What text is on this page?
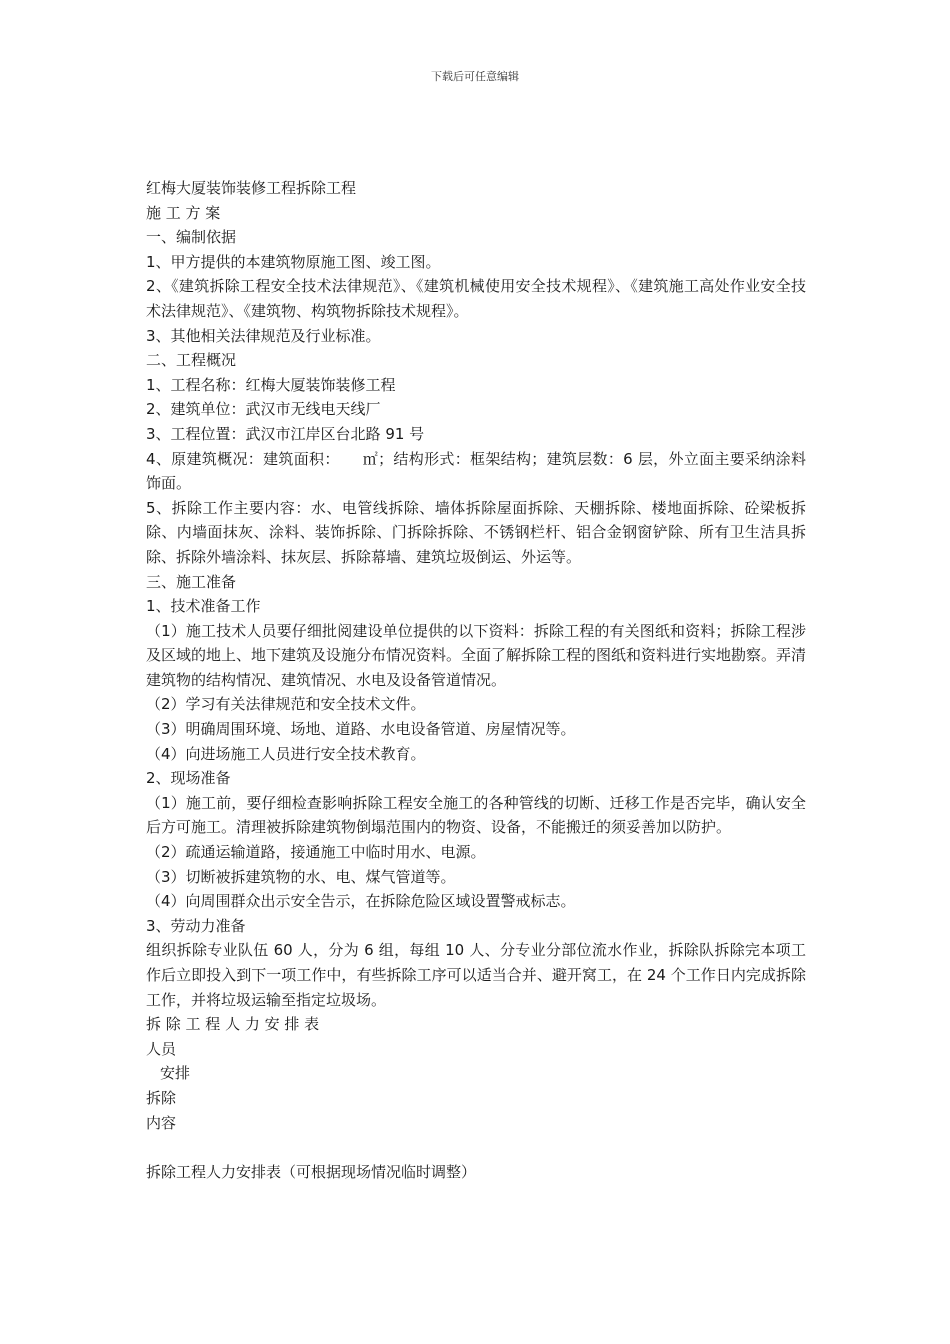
下载后可任意编辑
红梅大厦装饰装修工程拆除工程
施 工 方 案
一、编制依据
1、甲方提供的本建筑物原施工图、竣工图。
2、《建筑拆除工程安全技术法律规范》、《建筑机械使用安全技术规程》、《建筑施工高处作业安全技术法律规范》、《建筑物、构筑物拆除技术规程》。
3、其他相关法律规范及行业标准。
二、工程概况
1、工程名称：红梅大厦装饰装修工程
2、建筑单位：武汉市无线电天线厂
3、工程位置：武汉市江岸区台北路 91 号
4、原建筑概况：建筑面积：　　㎡；结构形式：框架结构；建筑层数：6 层，外立面主要采纳涂料饰面。
5、拆除工作主要内容：水、电管线拆除、墙体拆除屋面拆除、天棚拆除、楼地面拆除、砼梁板拆除、内墙面抹灰、涂料、装饰拆除、门拆除拆除、不锈钢栏杆、铝合金钢窗铲除、所有卫生洁具拆除、拆除外墙涂料、抹灰层、拆除幕墙、建筑垃圾倒运、外运等。
三、施工准备
1、技术准备工作
（1）施工技术人员要仔细批阅建设单位提供的以下资料：拆除工程的有关图纸和资料；拆除工程涉及区域的地上、地下建筑及设施分布情况资料。全面了解拆除工程的图纸和资料进行实地勘察。弄清建筑物的结构情况、建筑情况、水电及设备管道情况。
（2）学习有关法律规范和安全技术文件。
（3）明确周围环境、场地、道路、水电设备管道、房屋情况等。
（4）向进场施工人员进行安全技术教育。
2、现场准备
（1）施工前，要仔细检查影响拆除工程安全施工的各种管线的切断、迁移工作是否完毕，确认安全后方可施工。清理被拆除建筑物倒塌范围内的物资、设备，不能搬迁的须妥善加以防护。
（2）疏通运输道路，接通施工中临时用水、电源。
（3）切断被拆建筑物的水、电、煤气管道等。
（4）向周围群众出示安全告示，在拆除危险区域设置警戒标志。
3、劳动力准备
组织拆除专业队伍 60 人，分为 6 组，每组 10 人、分专业分部位流水作业，拆除队拆除完本项工作后立即投入到下一项工作中，有些拆除工序可以适当合并、避开窝工，在 24 个工作日内完成拆除工作，并将垃圾运输至指定垃圾场。
拆 除 工 程 人 力 安 排 表
人员
安排
拆除
内容
拆除工程人力安排表（可根据现场情况临时调整）
